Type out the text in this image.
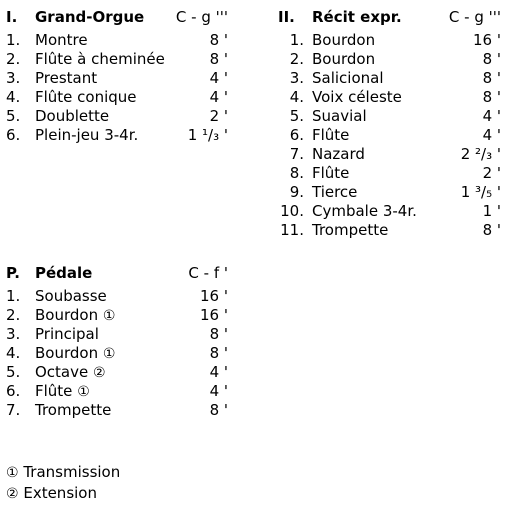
I. Grand-Orgue C - g '''
1. Montre	8 '
2. Flûte à cheminée	8 '
3. Prestant	4 '
4. Flûte conique	4 '
5. Doublette	2 '
6. Plein-jeu 3-4r.	1 ¹/₃ '
II. Récit expr.	C - g '''
1. Bourdon	16 '
2. Bourdon	8 '
3. Salicional	8 '
4. Voix céleste	8 '
5. Suavial	4 '
6. Flûte	4 '
7. Nazard	2 ²/₃ '
8. Flûte	2 '
9. Tierce	1 ³/₅ '
10. Cymbale 3-4r.	1 '
11. Trompette	8 '
P. Pédale	C - f '
1. Soubasse	16 '
2. Bourdon ①	16 '
3. Principal	8 '
4. Bourdon ①	8 '
5. Octave ②	4 '
6. Flûte ①	4 '
7. Trompette	8 '
① Transmission
② Extension
